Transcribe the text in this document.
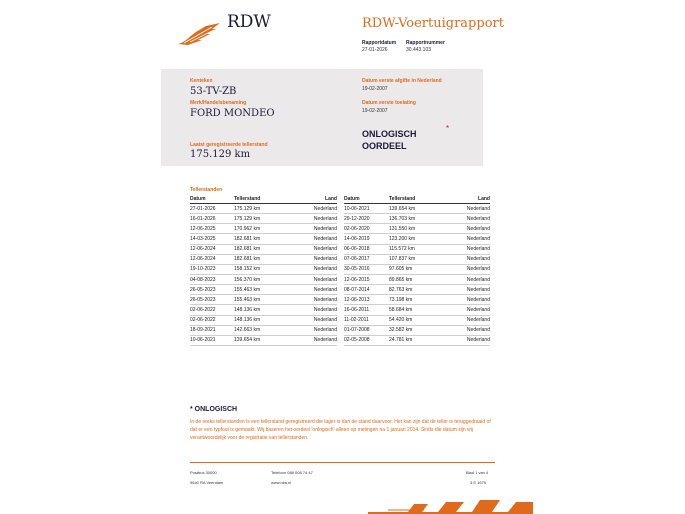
RDW	RDW-Voertuigrapport
Rapportdatum
27-01-2026
Rapportnummer
30.443.103
Kenteken
53-TV-ZB
Merk/Handelsbenaming
FORD MONDEO
Laatst geregistreerde tellerstand
175.129 km
Datum eerste afgifte in Nederland
19-02-2007
Datum eerste toelating
19-02-2007
ONLOGISCH
OORDEEL
*
Tellerstanden
Datum	Tellerstand	Land
27-01-2026	175.129 km	Nederland
16-01-2026	175.129 km	Nederland
12-06-2025	170.962 km	Nederland
14-03-2025	182.681 km	Nederland
12-06-2024	182.681 km	Nederland
12-06-2024	182.681 km	Nederland
19-10-2023	158.152 km	Nederland
04-08-2023	156.370 km	Nederland
26-05-2023	155.463 km	Nederland
26-05-2023	155.463 km	Nederland
02-06-2022	148.136 km	Nederland
02-06-2022	148.136 km	Nederland
18-09-2021	142.663 km	Nederland
10-06-2021	139.654 km	Nederland
Datum	Tellerstand	Land
10-06-2021	139.654 km	Nederland
29-12-2020	136.703 km	Nederland
02-06-2020	131.550 km	Nederland
14-06-2019	123.200 km	Nederland
06-06-2018	115.572 km	Nederland
07-06-2017	107.837 km	Nederland
30-05-2016	97.605 km	Nederland
12-06-2015	89.865 km	Nederland
08-07-2014	82.763 km	Nederland
12-06-2013	73.198 km	Nederland
16-06-2011	58.684 km	Nederland
11-02-2011	54.420 km	Nederland
01-07-2008	32.582 km	Nederland
02-05-2008	24.781 km	Nederland
* ONLOGISCH
In de reeks tellerstanden is een tellerstand geregistreerd die lager is dan de stand daarvoor. Het kan zijn dat de teller is teruggedraaid of dat er een typfout is gemaakt. Wij baseren het oordeel 'onlogisch' alleen op metingen na 1 januari 2014. Sinds die datum zijn wij verantwoordelijk voor de registratie van tellerstanden.
Postbus 30000
9640 RA Veendam
Telefoon 088 008 74 47
www.rdw.nl
Blad 1 van 4
3 E 1679
